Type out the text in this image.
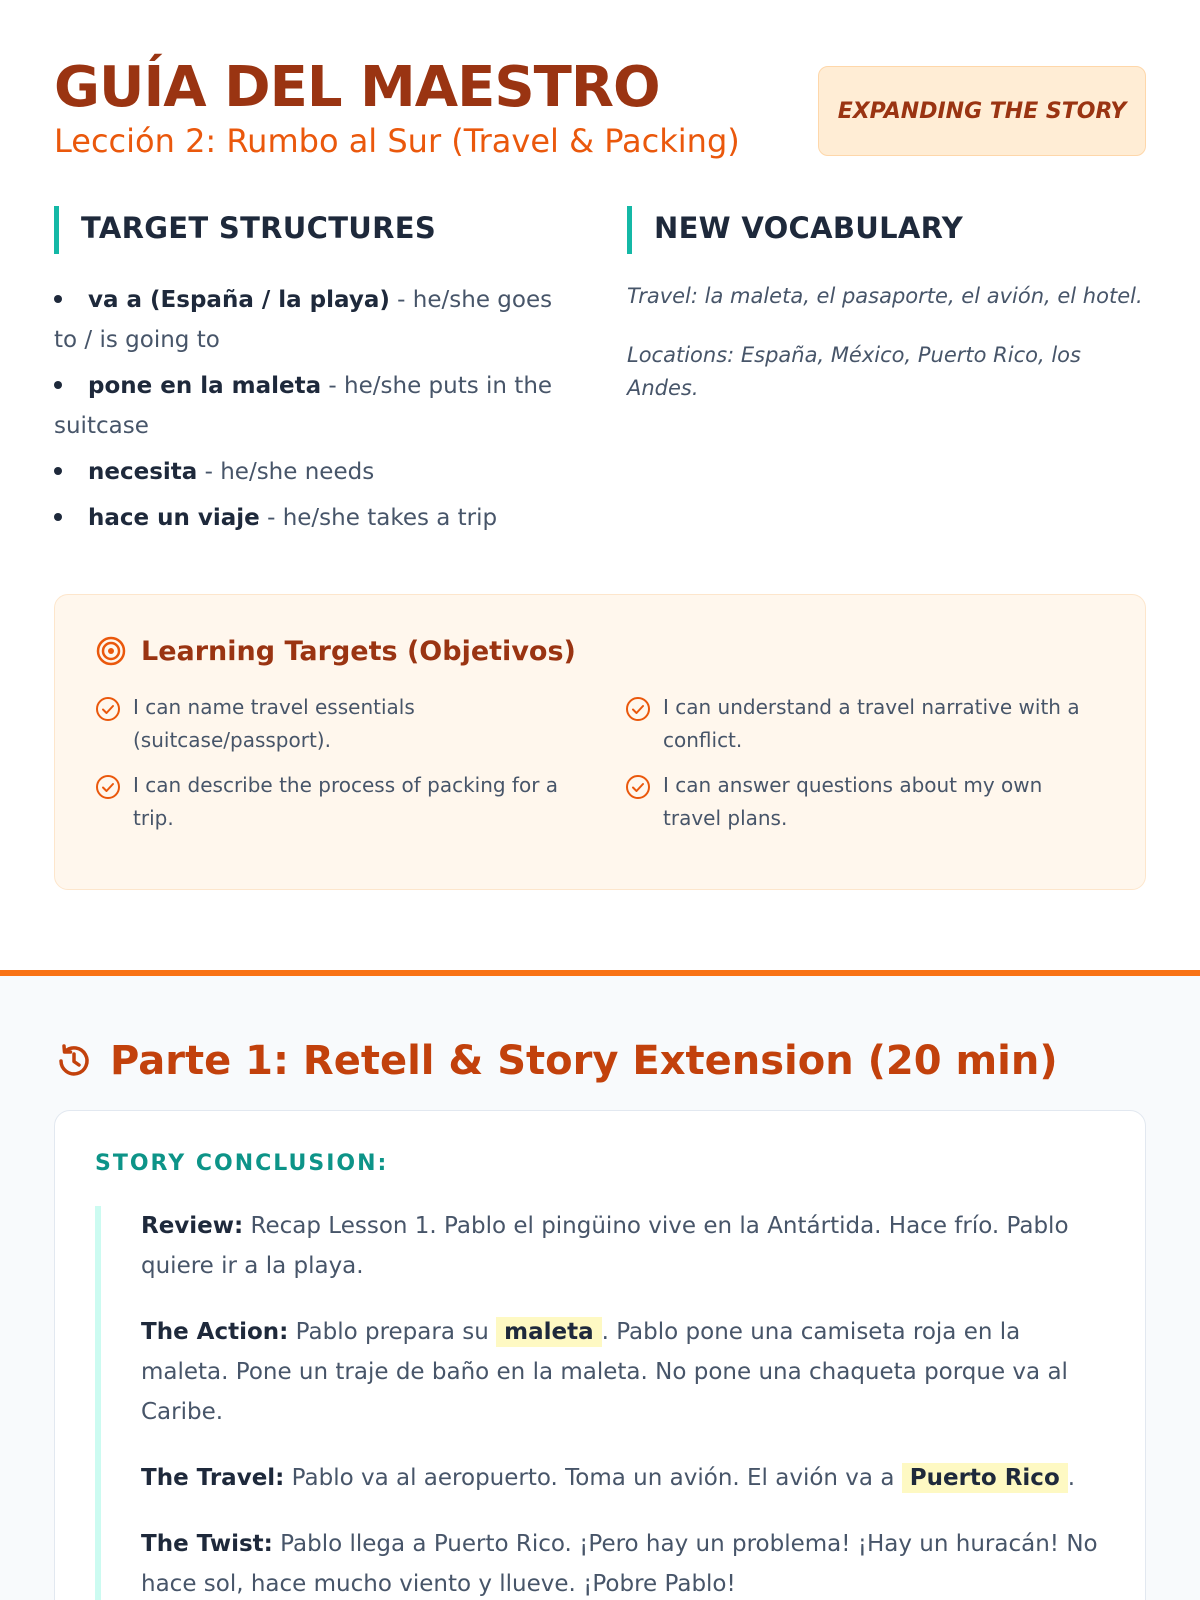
GUÍA DEL MAESTRO
Lección 2: Rumbo al Sur (Travel & Packing)
EXPANDING THE STORY
TARGET STRUCTURES
va a (España / la playa) - he/she goes to / is going to
pone en la maleta - he/she puts in the suitcase
necesita - he/she needs
hace un viaje - he/she takes a trip
NEW VOCABULARY

Travel: la maleta, el pasaporte, el avión, el hotel.

Locations: España, México, Puerto Rico, los Andes.

Learning Targets (Objetivos)
I can name travel essentials (suitcase/passport).
I can understand a travel narrative with a conflict.
I can describe the process of packing for a trip.
I can answer questions about my own travel plans.
Parte 1: Retell & Story Extension (20 min)
STORY CONCLUSION:

Review: Recap Lesson 1. Pablo el pingüino vive en la Antártida. Hace frío. Pablo quiere ir a la playa.

The Action: Pablo prepara su maleta . Pablo pone una camiseta roja en la maleta. Pone un traje de baño en la maleta. No pone una chaqueta porque va al Caribe.

The Travel: Pablo va al aeropuerto. Toma un avión. El avión va a Puerto Rico .

The Twist: Pablo llega a Puerto Rico. ¡Pero hay un problema! ¡Hay un huracán! No hace sol, hace mucho viento y llueve. ¡Pobre Pablo!
